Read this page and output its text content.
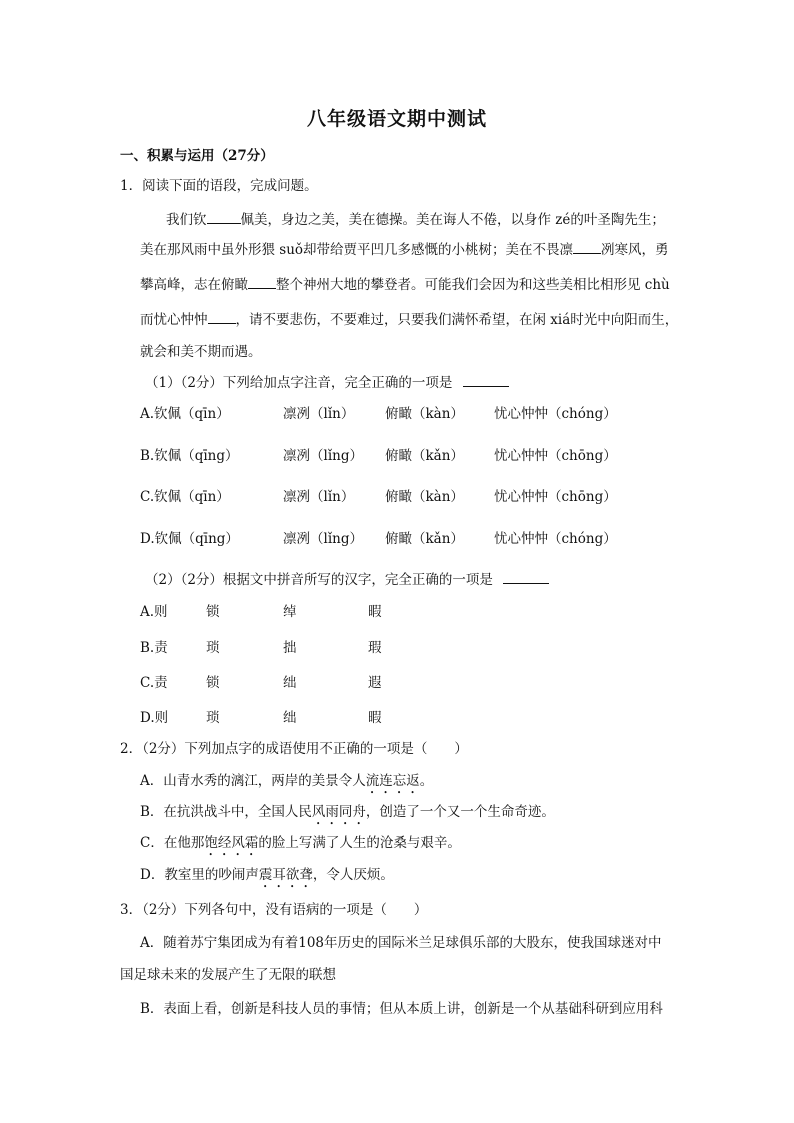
八年级语文期中测试
一、积累与运用（27分）
1．阅读下面的语段，完成问题。
我们钦	佩美，身边之美，美在德操。美在诲人不倦，以身作 zé的叶圣陶先生；
美在那风雨中虽外形猥 suǒ却带给贾平凹几多感慨的小桃树；美在不畏凛 冽寒风，勇
攀高峰，志在俯瞰 整个神州大地的攀登者。可能我们会因为和这些美相比相形见 chù
而忧心忡忡 ，请不要悲伤，不要难过，只要我们满怀希望，在闲 xiá时光中向阳而生，
就会和美不期而遇。
（1）（2分）下列给加点字注音，完全正确的一项是
A.钦佩（qīn）	凛冽（lǐn） 俯瞰（kàn） 忧心忡忡（chóng）
B.钦佩（qīng）	凛冽（lǐng） 俯瞰（kǎn） 忧心忡忡（chōng）
C.钦佩（qīn）	凛冽（lǐn） 俯瞰（kàn） 忧心忡忡（chōng）
D.钦佩（qīng）	凛冽（lǐng） 俯瞰（kǎn） 忧心忡忡（chóng）
（2）（2分）根据文中拼音所写的汉字，完全正确的一项是
A.则	锁	绰	暇
B.责	琐	拙	瑕
C.责	锁	绌	遐
D.则	琐	绌	暇
2．（2分）下列加点字的成语使用不正确的一项是（　　）
A．山青水秀的漓江，两岸的美景令人流连忘返。
B．在抗洪战斗中，全国人民风雨同舟，创造了一个又一个生命奇迹。
C．在他那饱经风霜的脸上写满了人生的沧桑与艰辛。
D．教室里的吵闹声震耳欲聋，令人厌烦。
3．（2分）下列各句中，没有语病的一项是（　　）
A．随着苏宁集团成为有着108年历史的国际米兰足球俱乐部的大股东，使我国球迷对中
国足球未来的发展产生了无限的联想
B．表面上看，创新是科技人员的事情；但从本质上讲，创新是一个从基础科研到应用科
